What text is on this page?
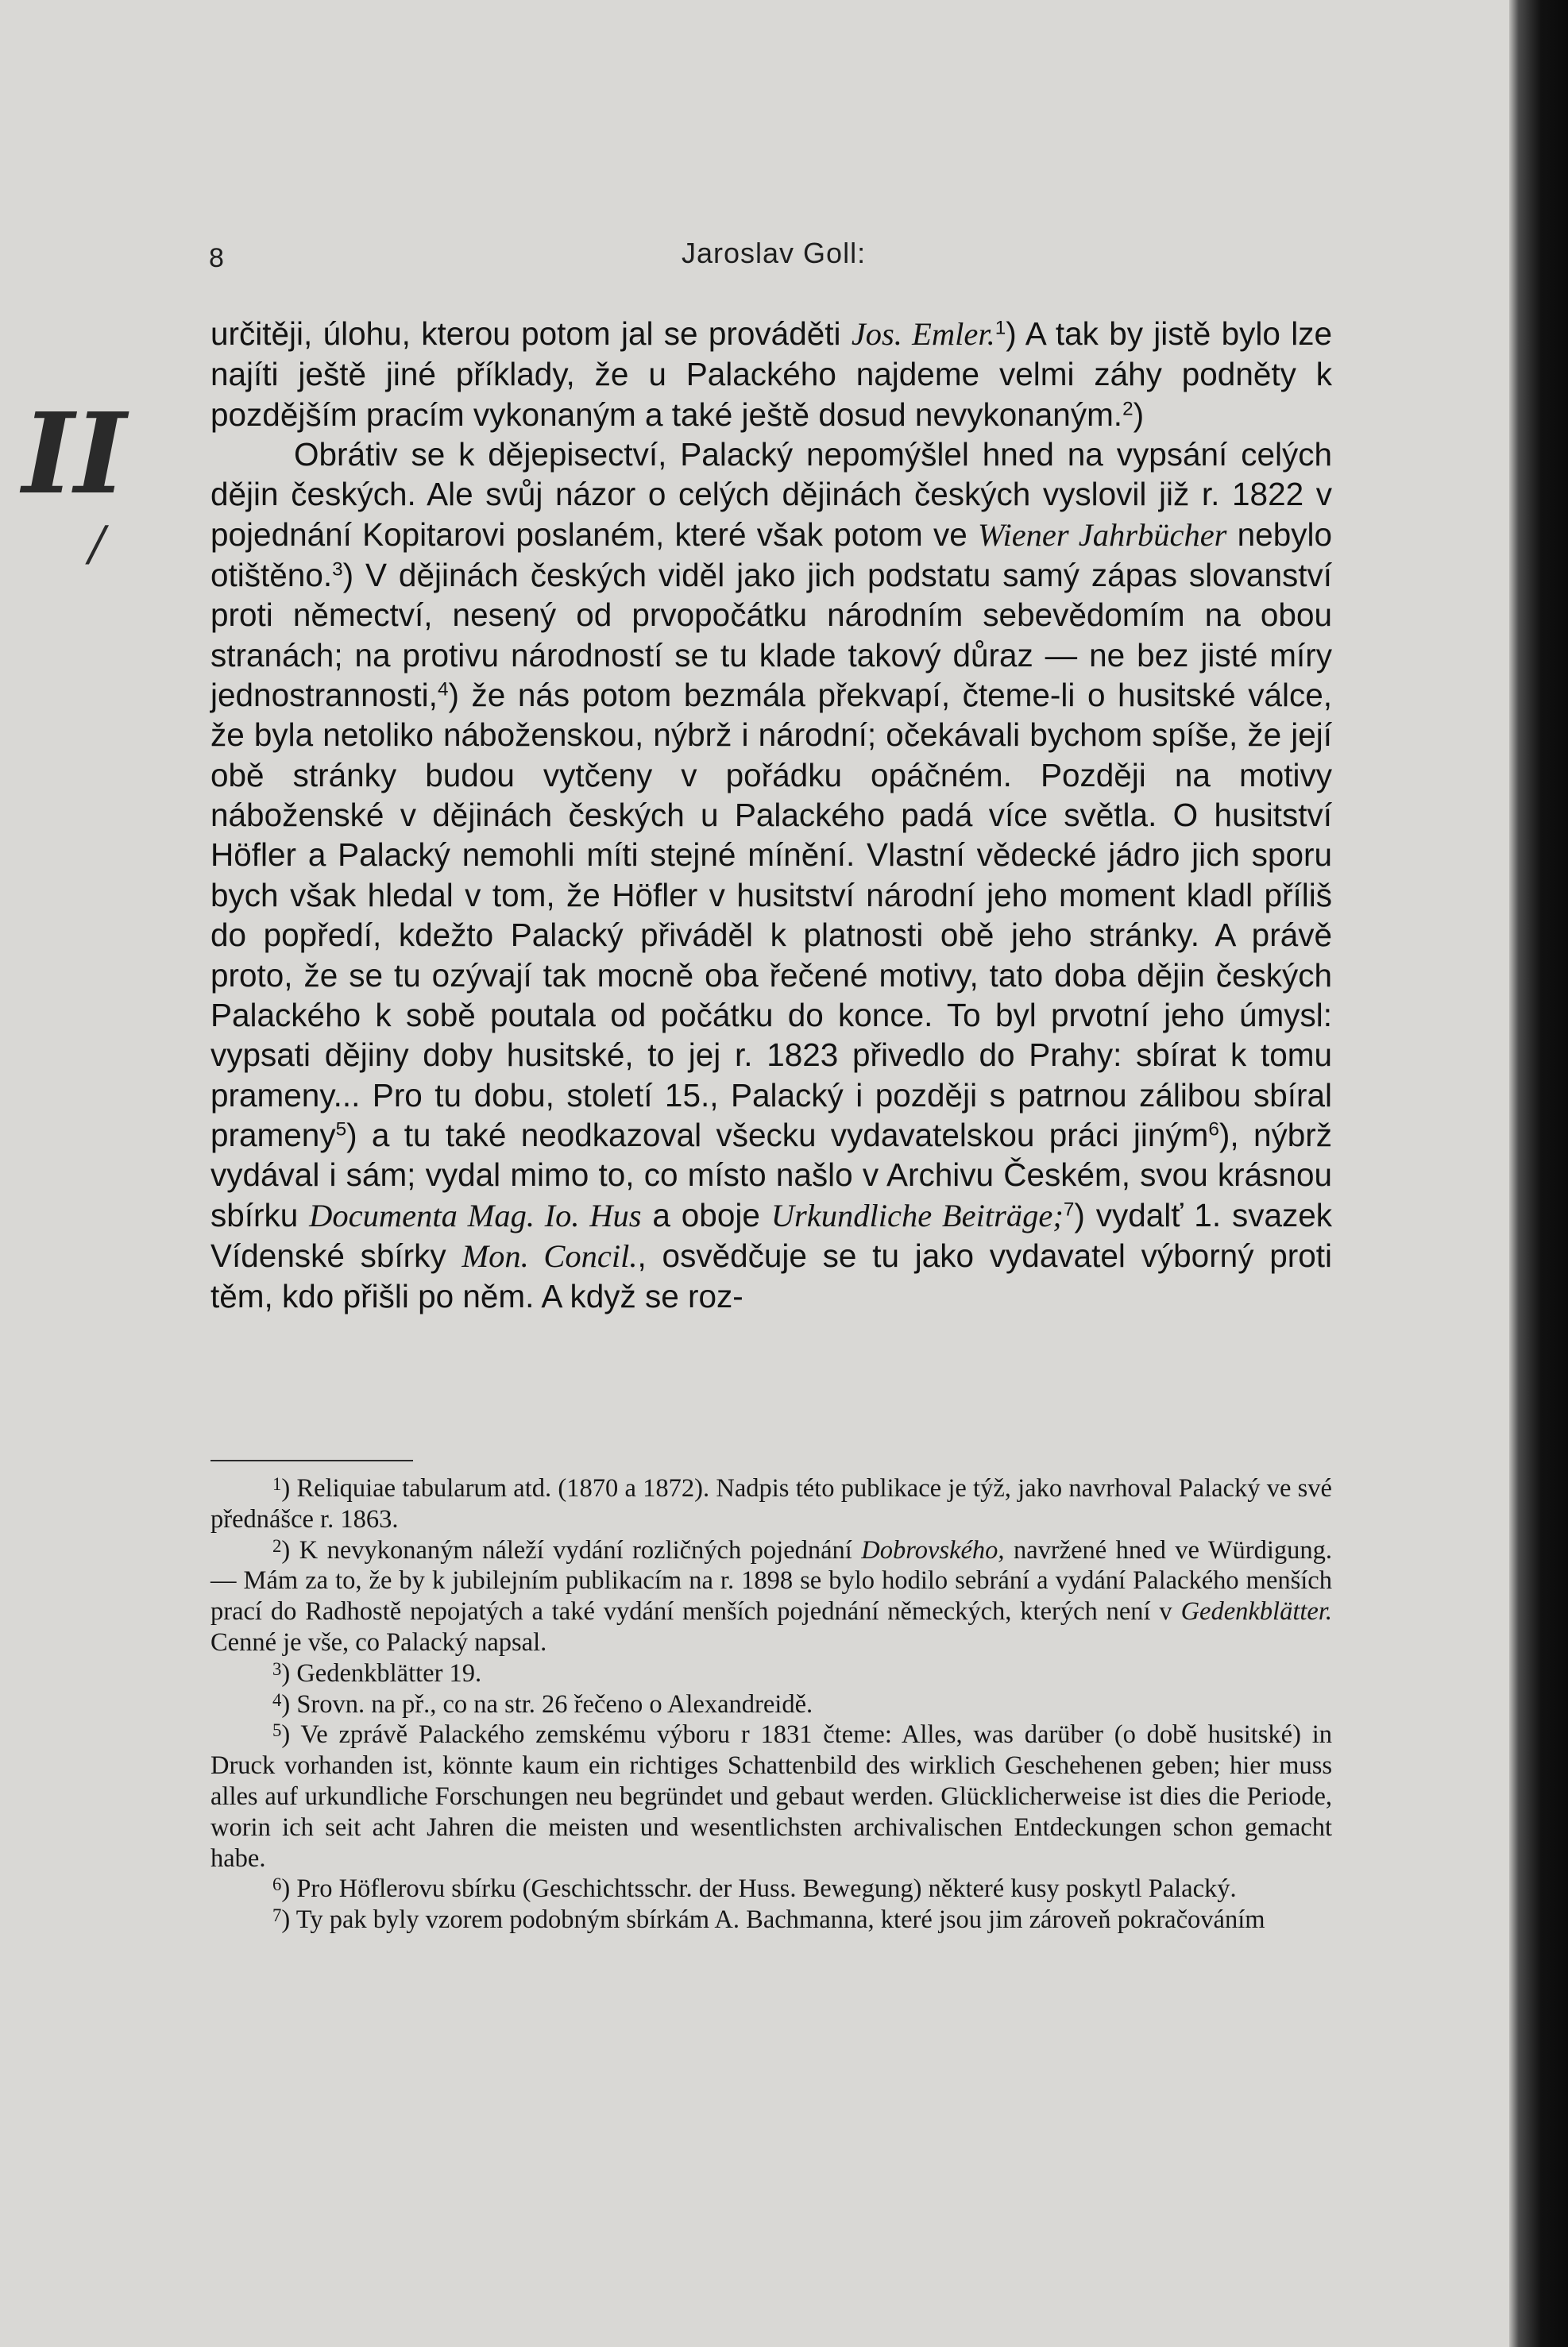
8	Jaroslav Goll:
II
/

určitěji, úlohu, kterou potom jal se prováděti Jos. Emler.$^1$) A tak by jistě bylo lze najíti ještě jiné příklady, že u Palackého najdeme velmi záhy podněty k pozdějším pracím vykonaným a také ještě dosud nevykonaným.$^2$)

Obrátiv se k dějepisectví, Palacký nepomýšlel hned na vypsání celých dějin českých. Ale svůj názor o celých dějinách českých vyslovil již r. 1822 v pojednání Kopitarovi poslaném, které však potom ve Wiener Jahrbücher nebylo otištěno.$^3$) V dějinách českých viděl jako jich podstatu samý zápas slovanství proti němectví, nesený od prvopočátku národním sebevědomím na obou stranách; na protivu národností se tu klade takový důraz — ne bez jisté míry jednostrannosti,$^4$) že nás potom bezmála překvapí, čteme-li o husitské válce, že byla netoliko náboženskou, nýbrž i národní; očekávali bychom spíše, že její obě stránky budou vytčeny v pořádku opáčném. Později na motivy náboženské v dějinách českých u Palackého padá více světla. O husitství Höfler a Palacký nemohli míti stejné mínění. Vlastní vědecké jádro jich sporu bych však hledal v tom, že Höfler v husitství národní jeho moment kladl příliš do popředí, kdežto Palacký přiváděl k platnosti obě jeho stránky. A právě proto, že se tu ozývají tak mocně oba řečené motivy, tato doba dějin českých Palackého k sobě poutala od počátku do konce. To byl prvotní jeho úmysl: vypsati dějiny doby husitské, to jej r. 1823 přivedlo do Prahy: sbírat k tomu prameny... Pro tu dobu, století 15., Palacký i později s patrnou zálibou sbíral prameny$^5$) a tu také neodkazoval všecku vydavatelskou práci jiným$^6$), nýbrž vydával i sám; vydal mimo to, co místo našlo v Archivu Českém, svou krásnou sbírku Documenta Mag. Io. Hus a oboje Urkundliche Beiträge;$^7$) vydalť 1. svazek Vídenské sbírky Mon. Concil., osvědčuje se tu jako vydavatel výborný proti těm, kdo přišli po něm. A když se roz-

$^1$) Reliquiae tabularum atd. (1870 a 1872). Nadpis této publikace je týž, jako navrhoval Palacký ve své přednášce r. 1863.

$^2$) K nevykonaným náleží vydání rozličných pojednání Dobrovského, navržené hned ve Würdigung. — Mám za to, že by k jubilejním publikacím na r. 1898 se bylo hodilo sebrání a vydání Palackého menších prací do Radhostě nepojatých a také vydání menších pojednání německých, kterých není v Gedenkblätter. Cenné je vše, co Palacký napsal.

$^3$) Gedenkblätter 19.

$^4$) Srovn. na př., co na str. 26 řečeno o Alexandreidě.

$^5$) Ve zprávě Palackého zemskému výboru r 1831 čteme: Alles, was darüber (o době husitské) in Druck vorhanden ist, könnte kaum ein richtiges Schattenbild des wirklich Geschehenen geben; hier muss alles auf urkundliche Forschungen neu begründet und gebaut werden. Glücklicherweise ist dies die Periode, worin ich seit acht Jahren die meisten und wesentlichsten archivalischen Entdeckungen schon gemacht habe.

$^6$) Pro Höflerovu sbírku (Geschichtsschr. der Huss. Bewegung) některé kusy poskytl Palacký.

$^7$) Ty pak byly vzorem podobným sbírkám A. Bachmanna, které jsou jim zároveň pokračováním
